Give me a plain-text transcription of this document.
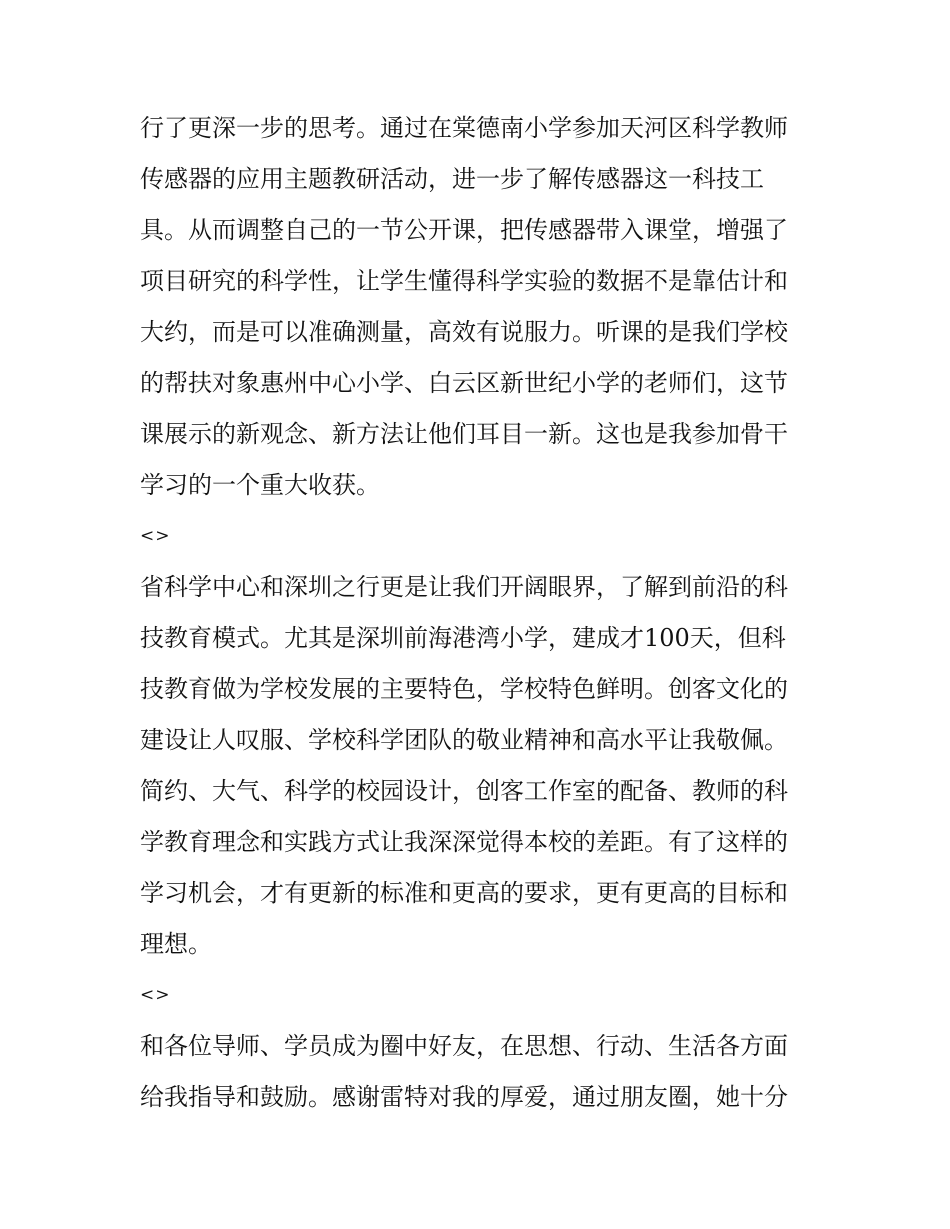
行了更深一步的思考。通过在棠德南小学参加天河区科学教师
传感器的应用主题教研活动，进一步了解传感器这一科技工
具。从而调整自己的一节公开课，把传感器带入课堂，增强了
项目研究的科学性，让学生懂得科学实验的数据不是靠估计和
大约，而是可以准确测量，高效有说服力。听课的是我们学校
的帮扶对象惠州中心小学、白云区新世纪小学的老师们，这节
课展示的新观念、新方法让他们耳目一新。这也是我参加骨干
学习的一个重大收获。
<>
省科学中心和深圳之行更是让我们开阔眼界，了解到前沿的科
技教育模式。尤其是深圳前海港湾小学，建成才100天，但科
技教育做为学校发展的主要特色，学校特色鲜明。创客文化的
建设让人叹服、学校科学团队的敬业精神和高水平让我敬佩。
简约、大气、科学的校园设计，创客工作室的配备、教师的科
学教育理念和实践方式让我深深觉得本校的差距。有了这样的
学习机会，才有更新的标准和更高的要求，更有更高的目标和
理想。
<>
和各位导师、学员成为圈中好友，在思想、行动、生活各方面
给我指导和鼓励。感谢雷特对我的厚爱，通过朋友圈，她十分
